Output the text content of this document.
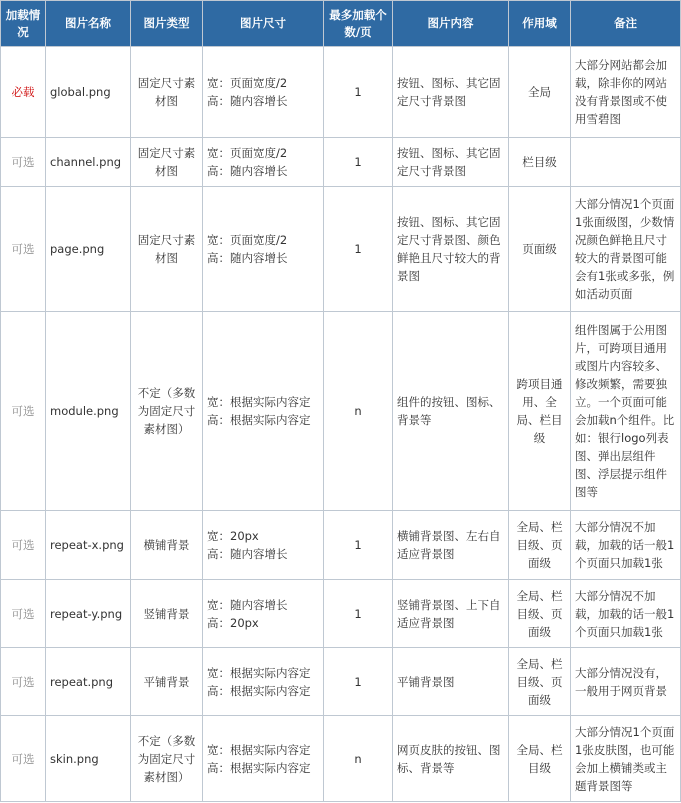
加载情况	图片名称	图片类型	图片尺寸	最多加载个数/页	图片内容	作用域	备注
必载	global.png	固定尺寸素材图	宽：页面宽度/2
高：随内容增长	1	按钮、图标、其它固定尺寸背景图	全局	大部分网站都会加载，除非你的网站没有背景图或不使用雪碧图
可选	channel.png	固定尺寸素材图	宽：页面宽度/2
高：随内容增长	1	按钮、图标、其它固定尺寸背景图	栏目级	
可选	page.png	固定尺寸素材图	宽：页面宽度/2
高：随内容增长	1	按钮、图标、其它固定尺寸背景图、颜色鲜艳且尺寸较大的背景图	页面级	大部分情况1个页面1张面级图，少数情况颜色鲜艳且尺寸较大的背景图可能会有1张或多张，例如活动页面
可选	module.png	不定（多数为固定尺寸素材图）	宽：根据实际内容定
高：根据实际内容定	n	组件的按钮、图标、背景等	跨项目通用、全局、栏目级	组件图属于公用图片，可跨项目通用或图片内容较多、修改频繁，需要独立。一个页面可能会加载n个组件。比如：银行logo列表图、弹出层组件图、浮层提示组件图等
可选	repeat-x.png	横铺背景	宽：20px
高：随内容增长	1	横铺背景图、左右自适应背景图	全局、栏目级、页面级	大部分情况不加载，加载的话一般1个页面只加载1张
可选	repeat-y.png	竖铺背景	宽：随内容增长
高：20px	1	竖铺背景图、上下自适应背景图	全局、栏目级、页面级	大部分情况不加载，加载的话一般1个页面只加载1张
可选	repeat.png	平铺背景	宽：根据实际内容定
高：根据实际内容定	1	平铺背景图	全局、栏目级、页面级	大部分情况没有，一般用于网页背景
可选	skin.png	不定（多数为固定尺寸素材图）	宽：根据实际内容定
高：根据实际内容定	n	网页皮肤的按钮、图标、背景等	全局、栏目级	大部分情况1个页面1张皮肤图，也可能会加上横铺类或主题背景图等
